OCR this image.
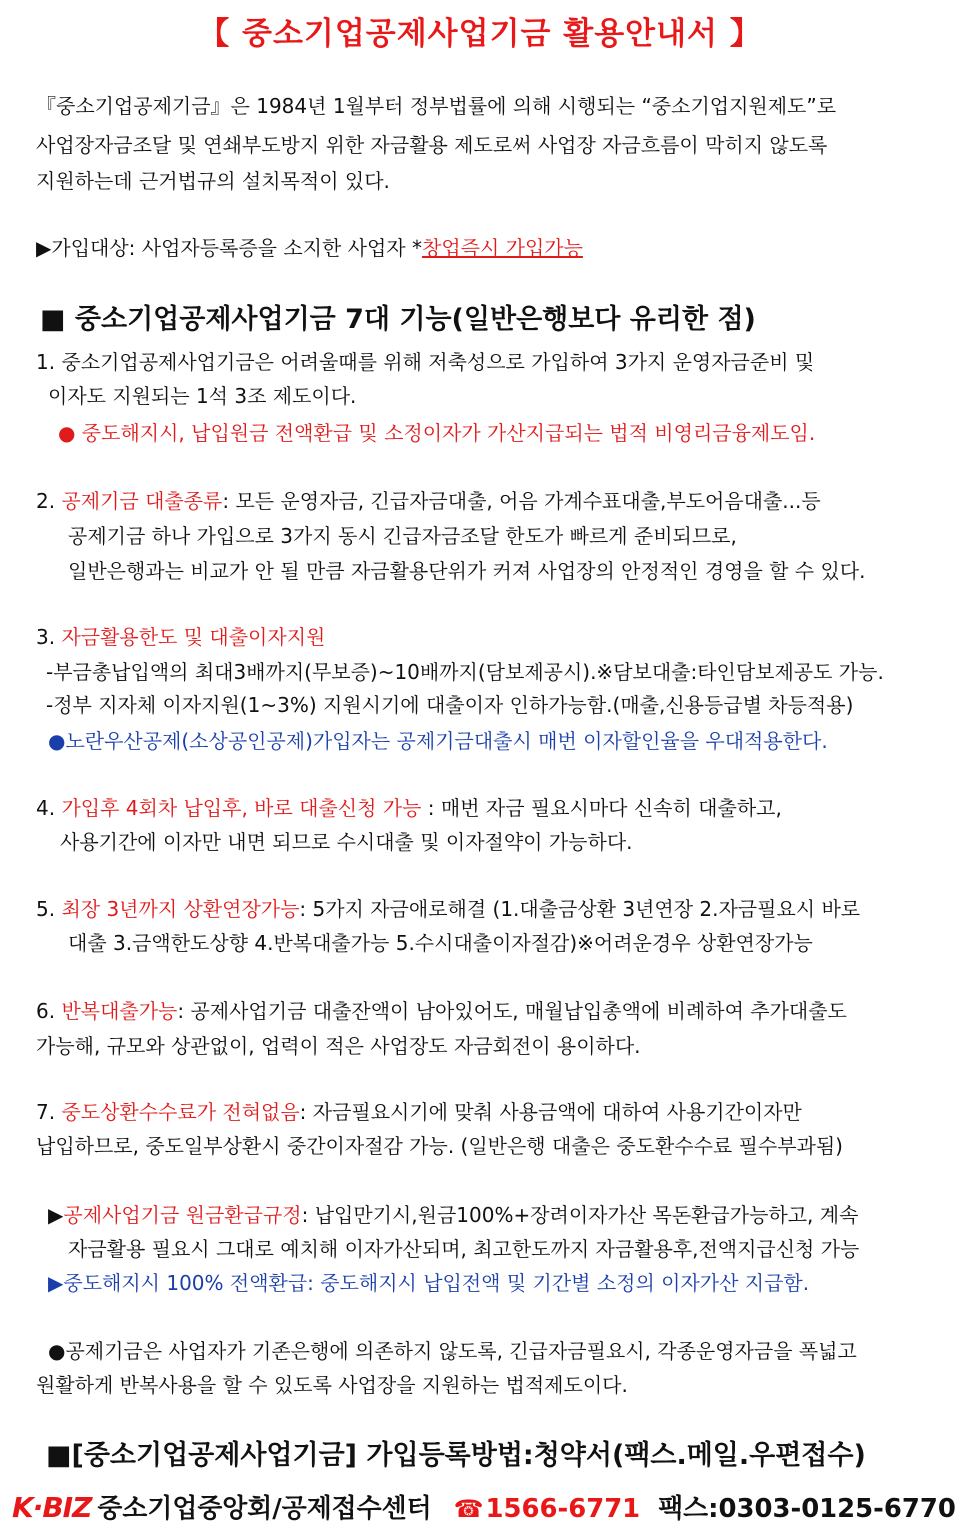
【 중소기업공제사업기금 활용안내서 】
『중소기업공제기금』은 1984년 1월부터 정부법률에 의해 시행되는 “중소기업지원제도”로
사업장자금조달 및 연쇄부도방지 위한 자금활용 제도로써 사업장 자금흐름이 막히지 않도록
지원하는데 근거법규의 설치목적이 있다.
▶가입대상: 사업자등록증을 소지한 사업자 *창업즉시 가입가능
■ 중소기업공제사업기금 7대 기능(일반은행보다 유리한 점)
1. 중소기업공제사업기금은 어려울때를 위해 저축성으로 가입하여 3가지 운영자금준비 및
이자도 지원되는 1석 3조 제도이다.
● 중도해지시, 납입원금 전액환급 및 소정이자가 가산지급되는 법적 비영리금융제도임.
2. 공제기금 대출종류: 모든 운영자금, 긴급자금대출, 어음 가계수표대출,부도어음대출...등
공제기금 하나 가입으로 3가지 동시 긴급자금조달 한도가 빠르게 준비되므로,
일반은행과는 비교가 안 될 만큼 자금활용단위가 커져 사업장의 안정적인 경영을 할 수 있다.
3. 자금활용한도 및 대출이자지원
-부금총납입액의 최대3배까지(무보증)~10배까지(담보제공시).※담보대출:타인담보제공도 가능.
-정부 지자체 이자지원(1~3%) 지원시기에 대출이자 인하가능함.(매출,신용등급별 차등적용)
●노란우산공제(소상공인공제)가입자는 공제기금대출시 매번 이자할인율을 우대적용한다.
4. 가입후 4회차 납입후, 바로 대출신청 가능 : 매번 자금 필요시마다 신속히 대출하고,
사용기간에 이자만 내면 되므로 수시대출 및 이자절약이 가능하다.
5. 최장 3년까지 상환연장가능: 5가지 자금애로해결 (1.대출금상환 3년연장 2.자금필요시 바로
대출 3.금액한도상향 4.반복대출가능 5.수시대출이자절감)※어려운경우 상환연장가능
6. 반복대출가능: 공제사업기금 대출잔액이 남아있어도, 매월납입총액에 비례하여 추가대출도
가능해, 규모와 상관없이, 업력이 적은 사업장도 자금회전이 용이하다.
7. 중도상환수수료가 전혀없음: 자금필요시기에 맞춰 사용금액에 대하여 사용기간이자만
납입하므로, 중도일부상환시 중간이자절감 가능. (일반은행 대출은 중도환수수료 필수부과됨)
▶공제사업기금 원금환급규정: 납입만기시,원금100%+장려이자가산 목돈환급가능하고, 계속
자금활용 필요시 그대로 예치해 이자가산되며, 최고한도까지 자금활용후,전액지급신청 가능
▶중도해지시 100% 전액환급: 중도해지시 납입전액 및 기간별 소정의 이자가산 지급함.
●공제기금은 사업자가 기존은행에 의존하지 않도록, 긴급자금필요시, 각종운영자금을 폭넓고
원활하게 반복사용을 할 수 있도록 사업장을 지원하는 법적제도이다.
■[중소기업공제사업기금] 가입등록방법:청약서(팩스.메일.우편접수)
K·BIZ 중소기업중앙회/공제접수센터 ☎1566-6771 팩스:0303-0125-6770
